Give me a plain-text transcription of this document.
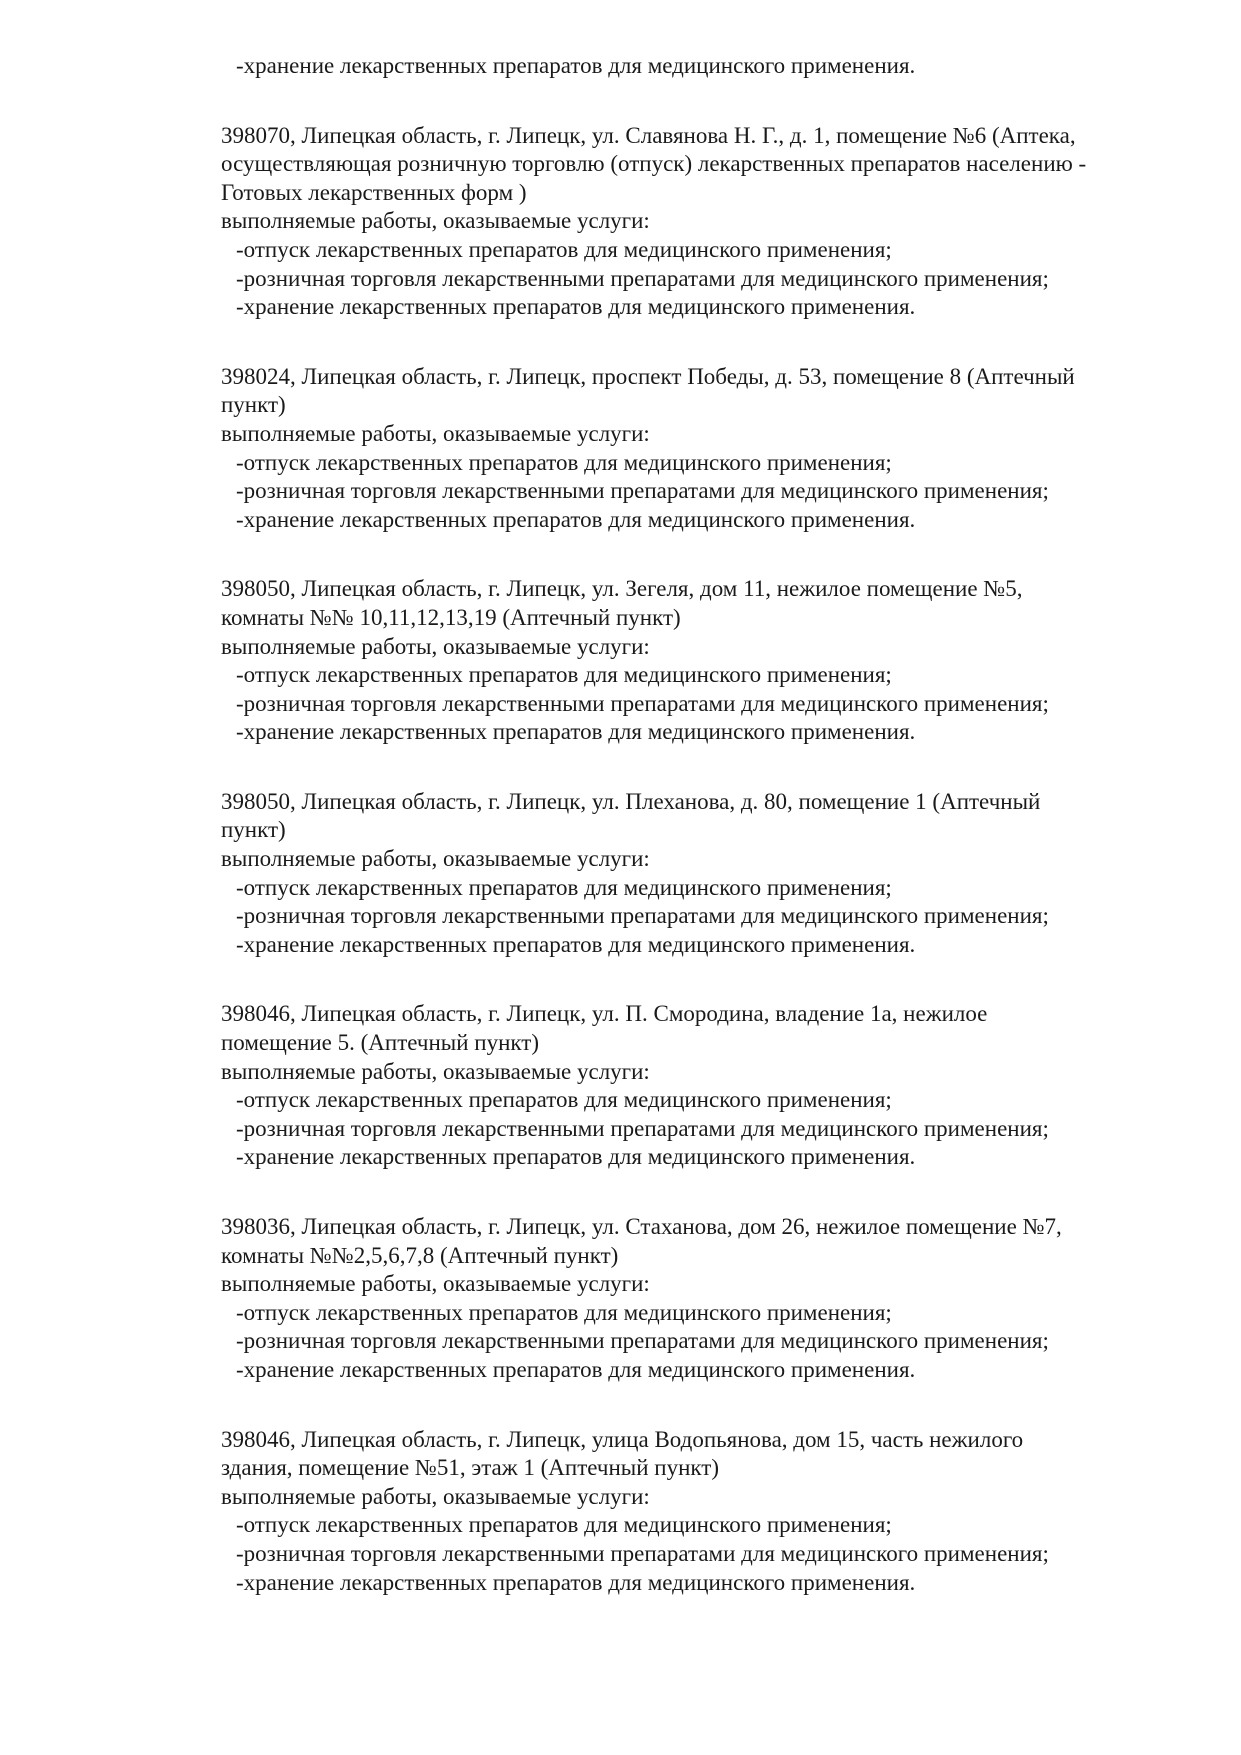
-хранение лекарственных препаратов для медицинского применения.
398070, Липецкая область, г. Липецк, ул. Славянова Н. Г., д. 1, помещение №6 (Аптека,
осуществляющая розничную торговлю (отпуск) лекарственных препаратов населению -
Готовых лекарственных форм )
выполняемые работы, оказываемые услуги:
-отпуск лекарственных препаратов для медицинского применения;
-розничная торговля лекарственными препаратами для медицинского применения;
-хранение лекарственных препаратов для медицинского применения.
398024, Липецкая область, г. Липецк, проспект Победы, д. 53, помещение 8 (Аптечный
пункт)
выполняемые работы, оказываемые услуги:
-отпуск лекарственных препаратов для медицинского применения;
-розничная торговля лекарственными препаратами для медицинского применения;
-хранение лекарственных препаратов для медицинского применения.
398050, Липецкая область, г. Липецк, ул. Зегеля, дом 11, нежилое помещение №5,
комнаты №№ 10,11,12,13,19 (Аптечный пункт)
выполняемые работы, оказываемые услуги:
-отпуск лекарственных препаратов для медицинского применения;
-розничная торговля лекарственными препаратами для медицинского применения;
-хранение лекарственных препаратов для медицинского применения.
398050, Липецкая область, г. Липецк, ул. Плеханова, д. 80, помещение 1 (Аптечный
пункт)
выполняемые работы, оказываемые услуги:
-отпуск лекарственных препаратов для медицинского применения;
-розничная торговля лекарственными препаратами для медицинского применения;
-хранение лекарственных препаратов для медицинского применения.
398046, Липецкая область, г. Липецк, ул. П. Смородина, владение 1а, нежилое
помещение 5. (Аптечный пункт)
выполняемые работы, оказываемые услуги:
-отпуск лекарственных препаратов для медицинского применения;
-розничная торговля лекарственными препаратами для медицинского применения;
-хранение лекарственных препаратов для медицинского применения.
398036, Липецкая область, г. Липецк, ул. Стаханова, дом 26, нежилое помещение №7,
комнаты №№2,5,6,7,8 (Аптечный пункт)
выполняемые работы, оказываемые услуги:
-отпуск лекарственных препаратов для медицинского применения;
-розничная торговля лекарственными препаратами для медицинского применения;
-хранение лекарственных препаратов для медицинского применения.
398046, Липецкая область, г. Липецк, улица Водопьянова, дом 15, часть нежилого
здания, помещение №51, этаж 1 (Аптечный пункт)
выполняемые работы, оказываемые услуги:
-отпуск лекарственных препаратов для медицинского применения;
-розничная торговля лекарственными препаратами для медицинского применения;
-хранение лекарственных препаратов для медицинского применения.
